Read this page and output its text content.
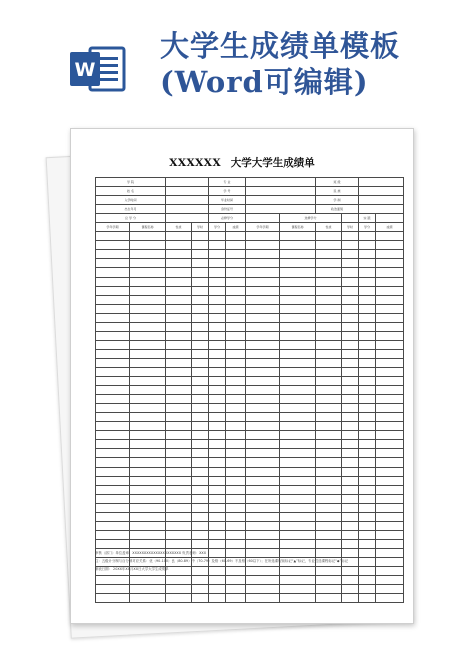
W
大学生成绩单模板
(Word可编辑)
XXXXXX 大学大学生成绩单
学 院				专 业				班 级			
姓 名				学 号				民 族			
入学时间				毕业时间				学 制			
出生年月				身份证号				政治面貌			
总 学 分				必修学分			选修学分			实 践	
学年学期	课程名称	性质	学时	学分	成绩	学年学期	课程名称	性质	学时	学分	成绩

审核（部门）单位盖章：XXXXXXXXXXXXXXXXXXXXX 负责老师：XXX
注：五级计分制与百分制对应关系：优（90-100）良（80-89）中（70-79）及格（60-69）不及格（60以下）；在所选课程前标记“▲”标记，专业性选课程标记“◆”标记
制表日期： 20XX年XX月XX日大学大学生成绩单
